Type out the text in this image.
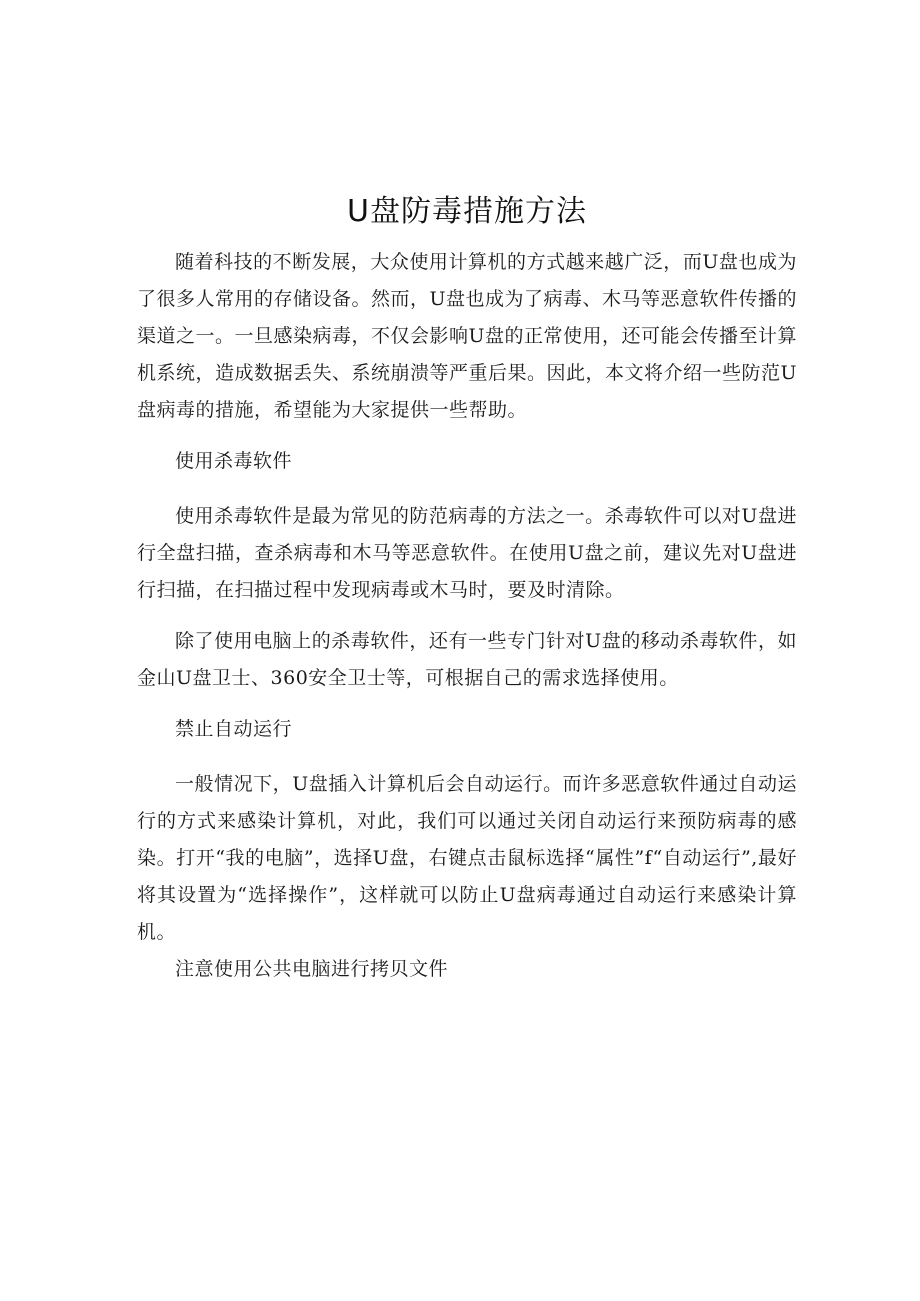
U盘防毒措施方法

随着科技的不断发展，大众使用计算机的方式越来越广泛，而U盘也成为了很多人常用的存储设备。然而，U盘也成为了病毒、木马等恶意软件传播的渠道之一。一旦感染病毒，不仅会影响U盘的正常使用，还可能会传播至计算机系统，造成数据丢失、系统崩溃等严重后果。因此，本文将介绍一些防范U盘病毒的措施，希望能为大家提供一些帮助。

使用杀毒软件

使用杀毒软件是最为常见的防范病毒的方法之一。杀毒软件可以对U盘进行全盘扫描，查杀病毒和木马等恶意软件。在使用U盘之前，建议先对U盘进行扫描，在扫描过程中发现病毒或木马时，要及时清除。

除了使用电脑上的杀毒软件，还有一些专门针对U盘的移动杀毒软件，如金山U盘卫士、360安全卫士等，可根据自己的需求选择使用。

禁止自动运行

一般情况下，U盘插入计算机后会自动运行。而许多恶意软件通过自动运行的方式来感染计算机，对此，我们可以通过关闭自动运行来预防病毒的感染。打开“我的电脑”，选择U盘，右键点击鼠标选择“属性”f“自动运行”,最好将其设置为“选择操作”，这样就可以防止U盘病毒通过自动运行来感染计算机。

注意使用公共电脑进行拷贝文件
